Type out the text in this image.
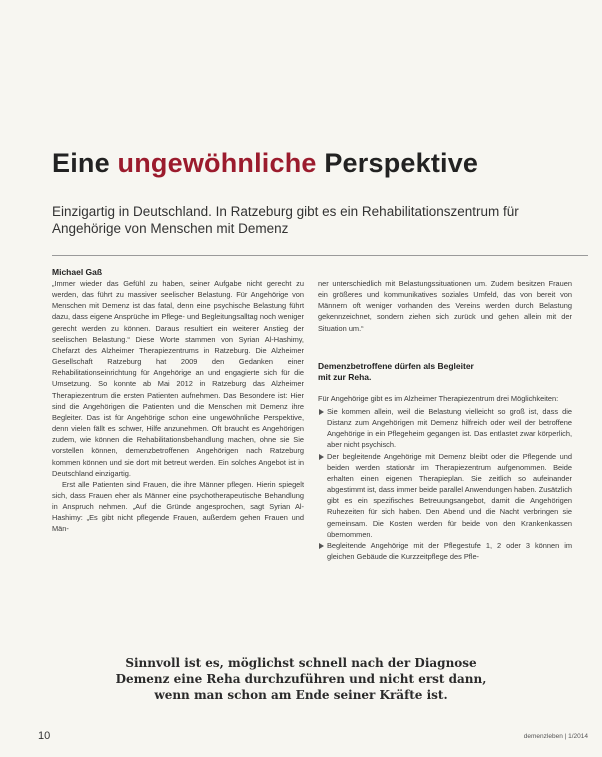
Eine ungewöhnliche Perspektive

Einzigartig in Deutschland. In Ratzeburg gibt es ein Rehabilitationszentrum für Angehörige von Menschen mit Demenz

Michael Gaß

„Immer wieder das Gefühl zu haben, seiner Aufgabe nicht gerecht zu werden, das führt zu massiver seelischer Belastung. Für Angehörige von Menschen mit Demenz ist das fatal, denn eine psychische Belastung führt dazu, dass eigene Ansprüche im Pflege- und Begleitungsalltag noch weniger gerecht werden zu können. Daraus resultiert ein weiterer Anstieg der seelischen Belastung.“ Diese Worte stammen von Syrian Al-Hashimy, Chefarzt des Alzheimer Therapiezentrums in Ratzeburg. Die Alzheimer Gesellschaft Ratzeburg hat 2009 den Gedanken einer Rehabilitationseinrichtung für Angehörige an und engagierte sich für die Umsetzung. So konnte ab Mai 2012 in Ratzeburg das Alzheimer Therapiezentrum die ersten Patienten aufnehmen. Das Besondere ist: Hier sind die Angehörigen die Patienten und die Menschen mit Demenz ihre Begleiter. Das ist für Angehörige schon eine ungewöhnliche Perspektive, denn vielen fällt es schwer, Hilfe anzunehmen. Oft braucht es Angehörigen zudem, wie können die Rehabilitationsbehandlung machen, ohne sie Sie vorstellen können, demenzbetroffenen Angehörigen nach Ratzeburg kommen können und sie dort mit betreut werden. Ein solches Angebot ist in Deutschland einzigartig.

Erst alle Patienten sind Frauen, die ihre Männer pflegen. Hierin spiegelt sich, dass Frauen eher als Männer eine psychotherapeutische Behandlung in Anspruch nehmen. „Auf die Gründe angesprochen, sagt Syrian Al-Hashimy: „Es gibt nicht pflegende Frauen, außerdem gehen Frauen und Män-

ner unterschiedlich mit Belastungssituationen um. Zudem besitzen Frauen ein größeres und kommunikatives soziales Umfeld, das von bereit von Männern oft weniger vorhanden des Vereins werden durch Belastung gekennzeichnet, sondern ziehen sich zurück und gehen allein mit der Situation um.“

Demenzbetroffene dürfen als Begleiter
mit zur Reha.

Für Angehörige gibt es im Alzheimer Therapiezentrum drei Möglichkeiten:

Sie kommen allein, weil die Belastung vielleicht so groß ist, dass die Distanz zum Angehörigen mit Demenz hilfreich oder weil der betroffene Angehörige in ein Pflegeheim gegangen ist. Das entlastet zwar körperlich, aber nicht psychisch.
Der begleitende Angehörige mit Demenz bleibt oder die Pflegende und beiden werden stationär im Therapiezentrum aufgenommen. Beide erhalten einen eigenen Therapieplan. Sie zeitlich so aufeinander abgestimmt ist, dass immer beide parallel Anwendungen haben. Zusätzlich gibt es ein spezifisches Betreuungsangebot, damit die Angehörigen Ruhezeiten für sich haben. Den Abend und die Nacht verbringen sie gemeinsam. Die Kosten werden für beide von den Krankenkassen übernommen.
Begleitende Angehörige mit der Pflegestufe 1, 2 oder 3 können im gleichen Gebäude die Kurzzeitpflege des Pfle-

Sinnvoll ist es, möglichst schnell nach der Diagnose
Demenz eine Reha durchzuführen und nicht erst dann,
wenn man schon am Ende seiner Kräfte ist.

10	demenzleben | 1/2014
